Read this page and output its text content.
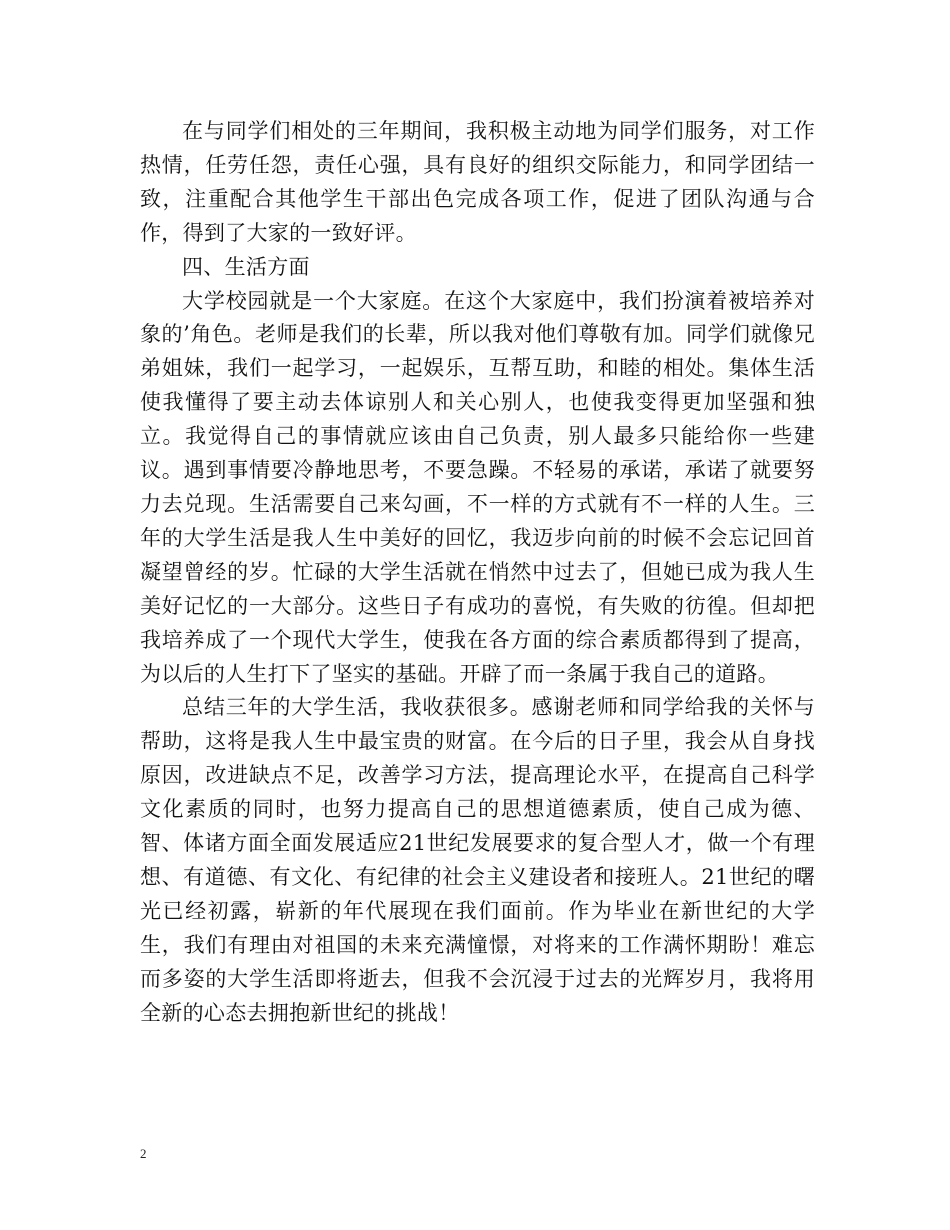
在与同学们相处的三年期间，我积极主动地为同学们服务，对工作热情，任劳任怨，责任心强，具有良好的组织交际能力，和同学团结一致，注重配合其他学生干部出色完成各项工作，促进了团队沟通与合作，得到了大家的一致好评。

四、生活方面

大学校园就是一个大家庭。在这个大家庭中，我们扮演着被培养对象的’角色。老师是我们的长辈，所以我对他们尊敬有加。同学们就像兄弟姐妹，我们一起学习，一起娱乐，互帮互助，和睦的相处。集体生活使我懂得了要主动去体谅别人和关心别人，也使我变得更加坚强和独立。我觉得自己的事情就应该由自己负责，别人最多只能给你一些建议。遇到事情要冷静地思考，不要急躁。不轻易的承诺，承诺了就要努力去兑现。生活需要自己来勾画，不一样的方式就有不一样的人生。三年的大学生活是我人生中美好的回忆，我迈步向前的时候不会忘记回首凝望曾经的岁。忙碌的大学生活就在悄然中过去了，但她已成为我人生美好记忆的一大部分。这些日子有成功的喜悦，有失败的彷徨。但却把我培养成了一个现代大学生，使我在各方面的综合素质都得到了提高，为以后的人生打下了坚实的基础。开辟了而一条属于我自己的道路。

总结三年的大学生活，我收获很多。感谢老师和同学给我的关怀与帮助，这将是我人生中最宝贵的财富。在今后的日子里，我会从自身找原因，改进缺点不足，改善学习方法，提高理论水平，在提高自己科学文化素质的同时，也努力提高自己的思想道德素质，使自己成为德、智、体诸方面全面发展适应21世纪发展要求的复合型人才，做一个有理想、有道德、有文化、有纪律的社会主义建设者和接班人。21世纪的曙光已经初露，崭新的年代展现在我们面前。作为毕业在新世纪的大学生，我们有理由对祖国的未来充满憧憬，对将来的工作满怀期盼！难忘而多姿的大学生活即将逝去，但我不会沉浸于过去的光辉岁月，我将用全新的心态去拥抱新世纪的挑战！

2
